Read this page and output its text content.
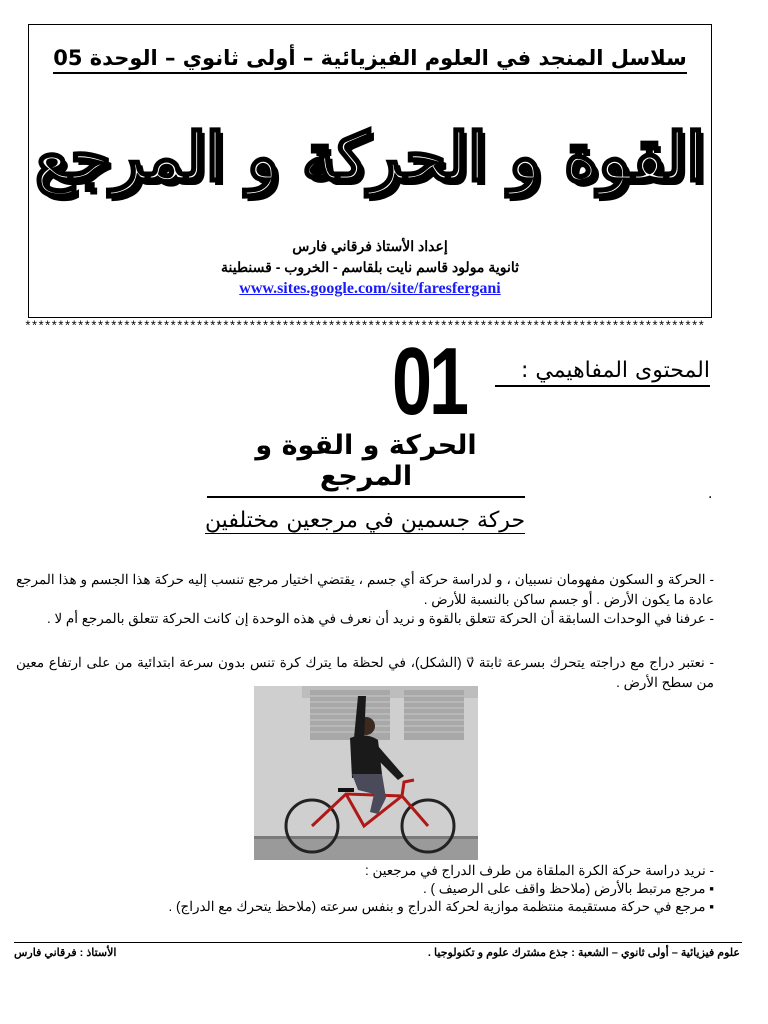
سلاسل المنجد في العلوم الفيزيائية – أولى ثانوي – الوحدة 05
القوة و الحركة و المرجع
إعداد الأستاذ فرقاني فارس
ثانوية مولود قاسم نايت بلقاسم - الخروب - قسنطينة
www.sites.google.com/site/faresfergani
*******************************************************************************************************
المحتوى المفاهيمي :
01
الحركة و القوة و المرجع
.
حركة جسمين في مرجعين مختلفين
- الحركة و السكون مفهومان نسبيان ، و لدراسة حركة أي جسم ، يقتضي اختيار مرجع تنسب إليه حركة هذا الجسم و هذا المرجع عادة ما يكون الأرض . أو جسم ساكن بالنسبة للأرض .
- عرفنا في الوحدات السابقة أن الحركة تتعلق بالقوة و نريد أن نعرف في هذه الوحدة إن كانت الحركة تتعلق بالمرجع أم لا .
- نعتبر دراج مع دراجته يتحرك بسرعة ثابتة v⃗ (الشكل)، في لحظة ما يترك كرة تنس بدون سرعة ابتدائية من على ارتفاع معين من سطح الأرض .
- نريد دراسة حركة الكرة الملقاة من طرف الدراج في مرجعين :
▪ مرجع مرتبط بالأرض (ملاحظ واقف على الرصيف ) .
▪ مرجع في حركة مستقيمة منتظمة موازية لحركة الدراج و بنفس سرعته (ملاحظ يتحرك مع الدراج) .
الأستاذ : فرقاني فارس	علوم فيزيائية – أولى ثانوي – الشعبة : جذع مشترك علوم و تكنولوجيا .
